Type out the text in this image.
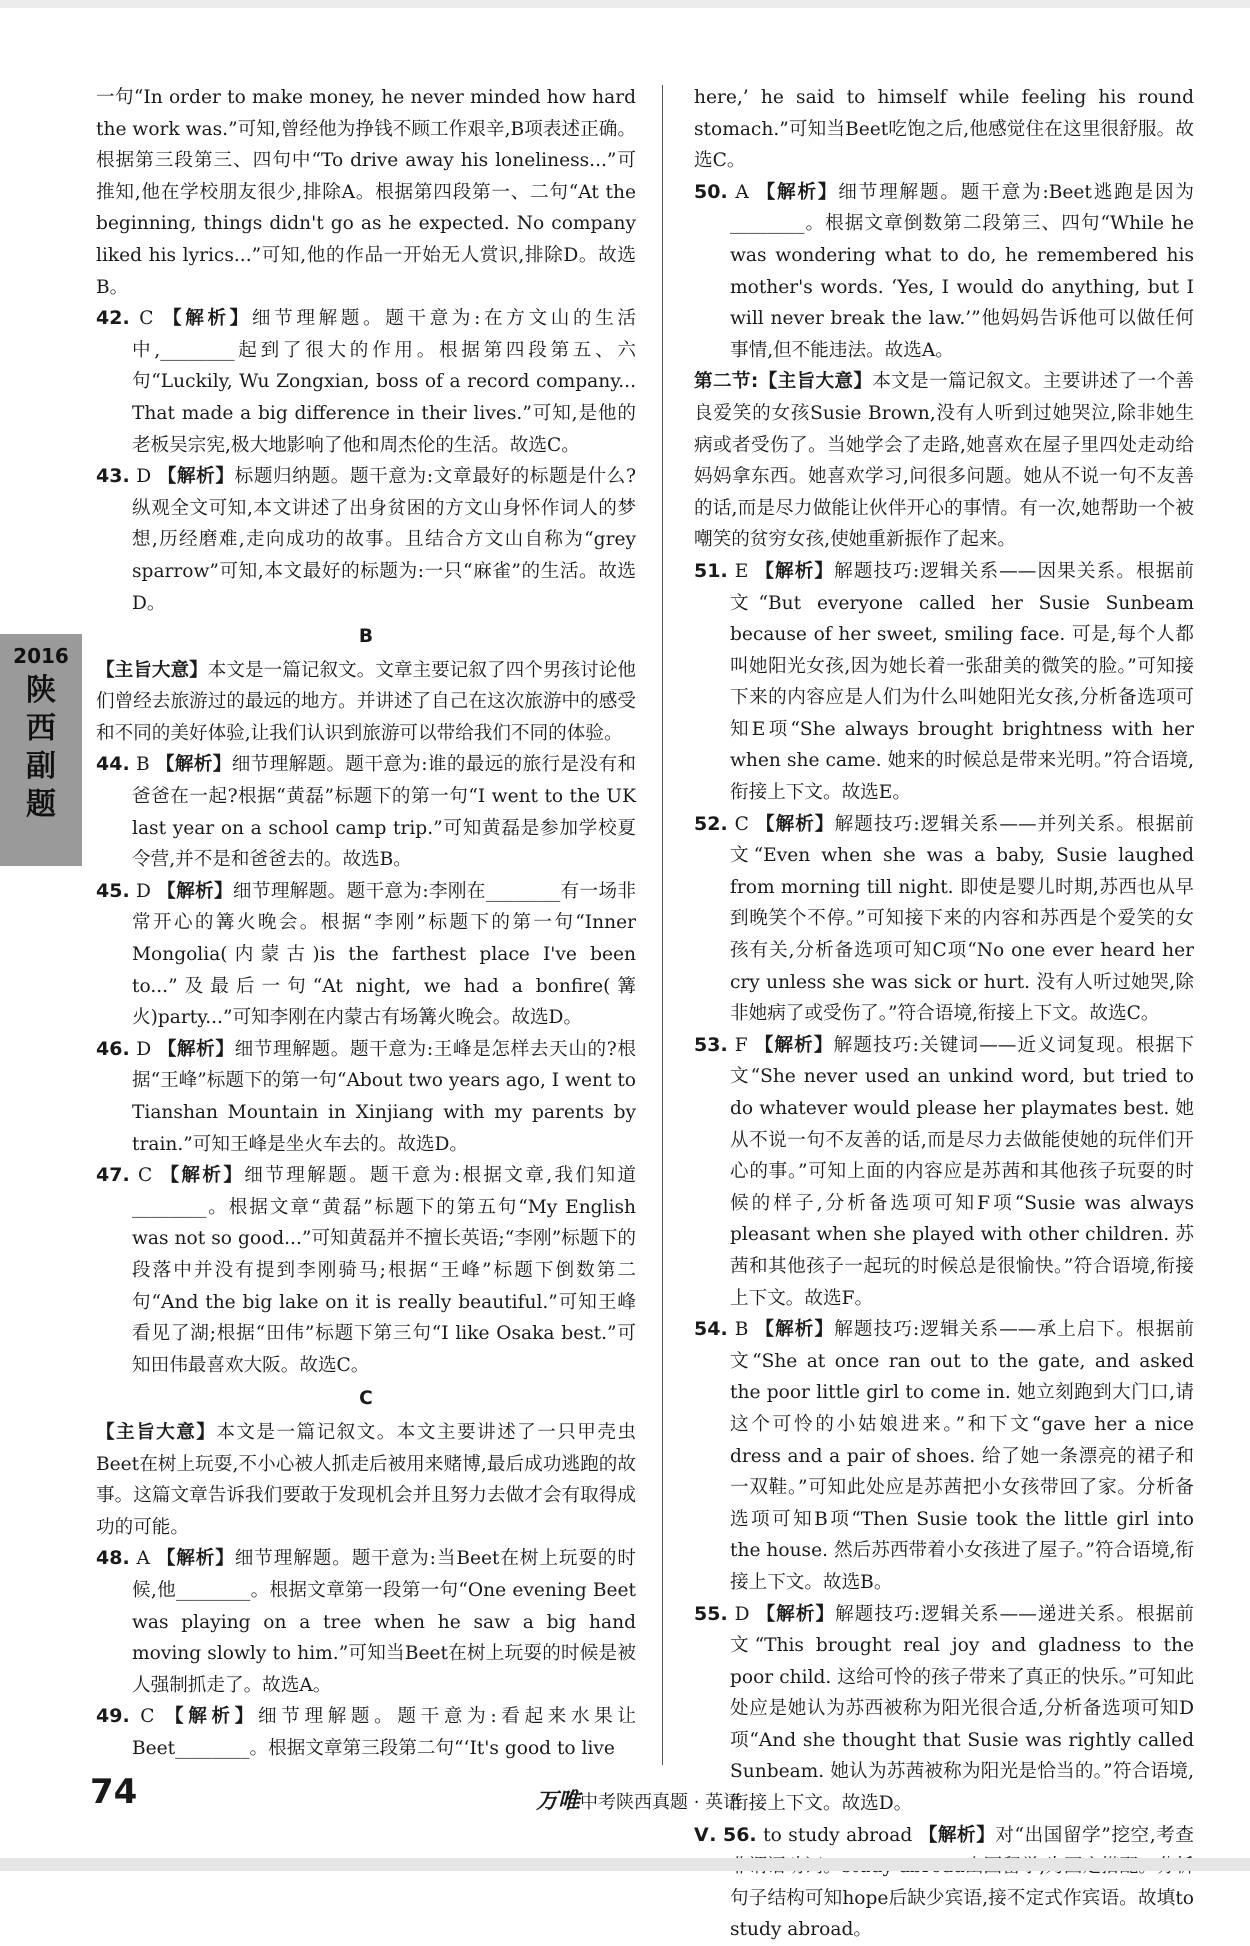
2016
陕西副题

一句“In order to make money, he never minded how hard the work was.”可知,曾经他为挣钱不顾工作艰辛,B项表述正确。根据第三段第三、四句中“To drive away his loneliness...”可推知,他在学校朋友很少,排除A。根据第四段第一、二句“At the beginning, things didn't go as he expected. No company liked his lyrics...”可知,他的作品一开始无人赏识,排除D。故选B。

42. C 【解析】细节理解题。题干意为:在方文山的生活中,________起到了很大的作用。根据第四段第五、六句“Luckily, Wu Zongxian, boss of a record company... That made a big difference in their lives.”可知,是他的老板吴宗宪,极大地影响了他和周杰伦的生活。故选C。

43. D 【解析】标题归纳题。题干意为:文章最好的标题是什么?纵观全文可知,本文讲述了出身贫困的方文山身怀作词人的梦想,历经磨难,走向成功的故事。且结合方文山自称为“grey sparrow”可知,本文最好的标题为:一只“麻雀”的生活。故选D。

B

【主旨大意】本文是一篇记叙文。文章主要记叙了四个男孩讨论他们曾经去旅游过的最远的地方。并讲述了自己在这次旅游中的感受和不同的美好体验,让我们认识到旅游可以带给我们不同的体验。

44. B 【解析】细节理解题。题干意为:谁的最远的旅行是没有和爸爸在一起?根据“黄磊”标题下的第一句“I went to the UK last year on a school camp trip.”可知黄磊是参加学校夏令营,并不是和爸爸去的。故选B。

45. D 【解析】细节理解题。题干意为:李刚在________有一场非常开心的篝火晚会。根据“李刚”标题下的第一句“Inner Mongolia(内蒙古)is the farthest place I've been to...”及最后一句“At night, we had a bonfire(篝火)party...”可知李刚在内蒙古有场篝火晚会。故选D。

46. D 【解析】细节理解题。题干意为:王峰是怎样去天山的?根据“王峰”标题下的第一句“About two years ago, I went to Tianshan Mountain in Xinjiang with my parents by train.”可知王峰是坐火车去的。故选D。

47. C 【解析】细节理解题。题干意为:根据文章,我们知道________。根据文章“黄磊”标题下的第五句“My English was not so good...”可知黄磊并不擅长英语;“李刚”标题下的段落中并没有提到李刚骑马;根据“王峰”标题下倒数第二句“And the big lake on it is really beautiful.”可知王峰看见了湖;根据“田伟”标题下第三句“I like Osaka best.”可知田伟最喜欢大阪。故选C。

C

【主旨大意】本文是一篇记叙文。本文主要讲述了一只甲壳虫Beet在树上玩耍,不小心被人抓走后被用来赌博,最后成功逃跑的故事。这篇文章告诉我们要敢于发现机会并且努力去做才会有取得成功的可能。

48. A 【解析】细节理解题。题干意为:当Beet在树上玩耍的时候,他________。根据文章第一段第一句“One evening Beet was playing on a tree when he saw a big hand moving slowly to him.”可知当Beet在树上玩耍的时候是被人强制抓走了。故选A。

49. C 【解析】细节理解题。题干意为:看起来水果让Beet________。根据文章第三段第二句“‘It's good to live

here,’ he said to himself while feeling his round stomach.”可知当Beet吃饱之后,他感觉住在这里很舒服。故选C。

50. A 【解析】细节理解题。题干意为:Beet逃跑是因为________。根据文章倒数第二段第三、四句“While he was wondering what to do, he remembered his mother's words. ‘Yes, I would do anything, but I will never break the law.’”他妈妈告诉他可以做任何事情,但不能违法。故选A。

第二节:【主旨大意】本文是一篇记叙文。主要讲述了一个善良爱笑的女孩Susie Brown,没有人听到过她哭泣,除非她生病或者受伤了。当她学会了走路,她喜欢在屋子里四处走动给妈妈拿东西。她喜欢学习,问很多问题。她从不说一句不友善的话,而是尽力做能让伙伴开心的事情。有一次,她帮助一个被嘲笑的贫穷女孩,使她重新振作了起来。

51. E 【解析】解题技巧:逻辑关系——因果关系。根据前文“But everyone called her Susie Sunbeam because of her sweet, smiling face. 可是,每个人都叫她阳光女孩,因为她长着一张甜美的微笑的脸。”可知接下来的内容应是人们为什么叫她阳光女孩,分析备选项可知E项“She always brought brightness with her when she came. 她来的时候总是带来光明。”符合语境,衔接上下文。故选E。

52. C 【解析】解题技巧:逻辑关系——并列关系。根据前文“Even when she was a baby, Susie laughed from morning till night. 即使是婴儿时期,苏西也从早到晚笑个不停。”可知接下来的内容和苏西是个爱笑的女孩有关,分析备选项可知C项“No one ever heard her cry unless she was sick or hurt. 没有人听过她哭,除非她病了或受伤了。”符合语境,衔接上下文。故选C。

53. F 【解析】解题技巧:关键词——近义词复现。根据下文“She never used an unkind word, but tried to do whatever would please her playmates best. 她从不说一句不友善的话,而是尽力去做能使她的玩伴们开心的事。”可知上面的内容应是苏茜和其他孩子玩耍的时候的样子,分析备选项可知F项“Susie was always pleasant when she played with other children. 苏茜和其他孩子一起玩的时候总是很愉快。”符合语境,衔接上下文。故选F。

54. B 【解析】解题技巧:逻辑关系——承上启下。根据前文“She at once ran out to the gate, and asked the poor little girl to come in. 她立刻跑到大门口,请这个可怜的小姑娘进来。”和下文“gave her a nice dress and a pair of shoes. 给了她一条漂亮的裙子和一双鞋。”可知此处应是苏茜把小女孩带回了家。分析备选项可知B项“Then Susie took the little girl into the house. 然后苏西带着小女孩进了屋子。”符合语境,衔接上下文。故选B。

55. D 【解析】解题技巧:逻辑关系——递进关系。根据前文“This brought real joy and gladness to the poor child. 这给可怜的孩子带来了真正的快乐。”可知此处应是她认为苏西被称为阳光很合适,分析备选项可知D项“And she thought that Susie was rightly called Sunbeam. 她认为苏茜被称为阳光是恰当的。”符合语境,衔接上下文。故选D。

Ⅴ. 56. to study abroad 【解析】对“出国留学”挖空,考查 句子结构可知hope后缺少宾语,接不定式作宾语。故填to study abroad。

74	万唯中考陕西真题 · 英语
